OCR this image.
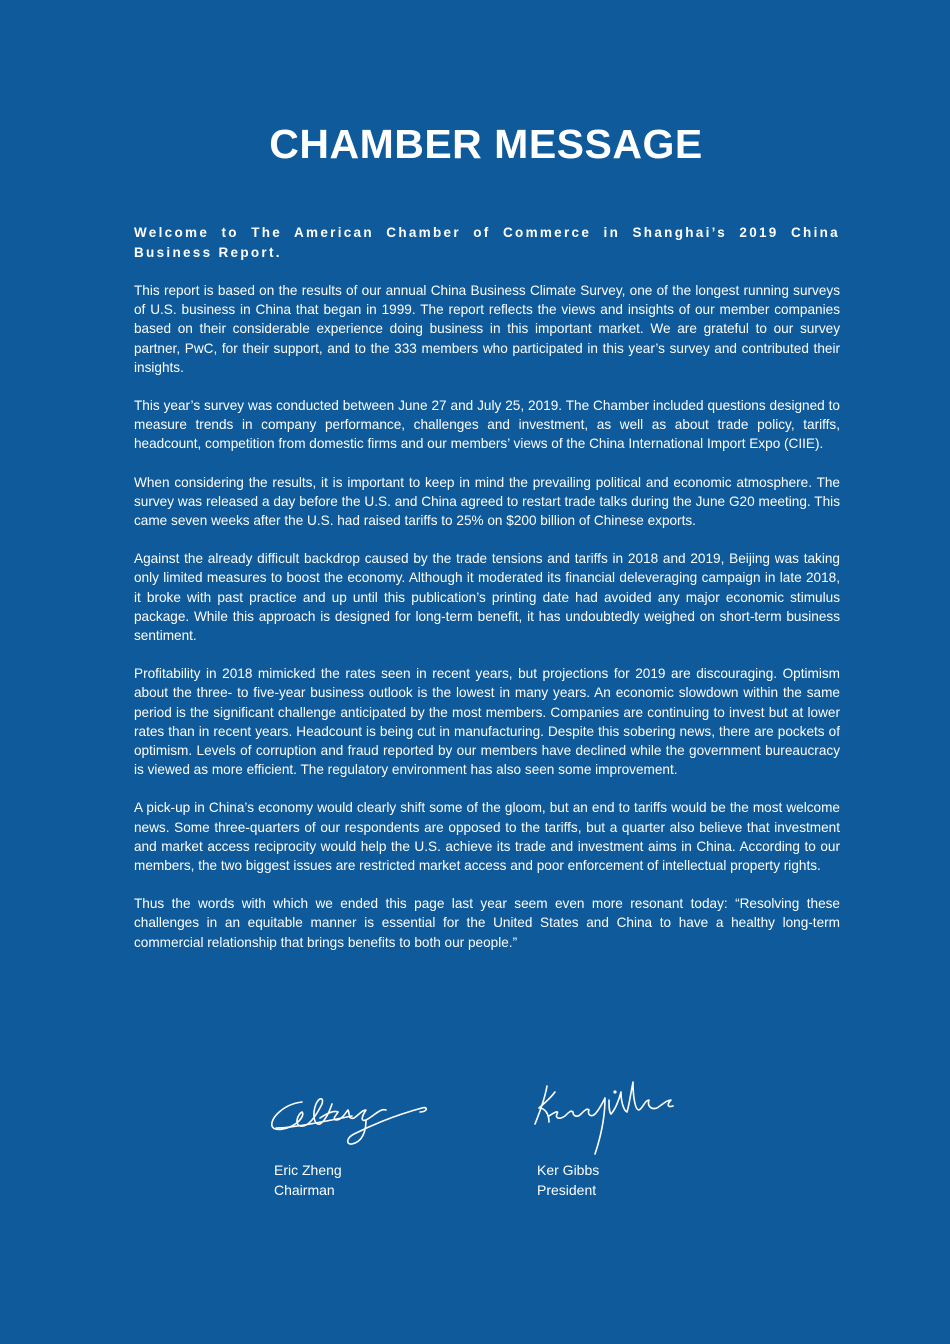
CHAMBER MESSAGE

Welcome to The American Chamber of Commerce in Shanghai’s 2019 China Business Report.

This report is based on the results of our annual China Business Climate Survey, one of the longest running surveys of U.S. business in China that began in 1999. The report reflects the views and insights of our member companies based on their considerable experience doing business in this important market. We are grateful to our survey partner, PwC, for their support, and to the 333 members who participated in this year’s survey and contributed their insights.

This year’s survey was conducted between June 27 and July 25, 2019. The Chamber included questions designed to measure trends in company performance, challenges and investment, as well as about trade policy, tariffs, headcount, competition from domestic firms and our members’ views of the China International Import Expo (CIIE).

When considering the results, it is important to keep in mind the prevailing political and economic atmosphere. The survey was released a day before the U.S. and China agreed to restart trade talks during the June G20 meeting. This came seven weeks after the U.S. had raised tariffs to 25% on $200 billion of Chinese exports.

Against the already difficult backdrop caused by the trade tensions and tariffs in 2018 and 2019, Beijing was taking only limited measures to boost the economy. Although it moderated its financial deleveraging campaign in late 2018, it broke with past practice and up until this publication’s printing date had avoided any major economic stimulus package. While this approach is designed for long-term benefit, it has undoubtedly weighed on short-term business sentiment.

Profitability in 2018 mimicked the rates seen in recent years, but projections for 2019 are discouraging. Optimism about the three- to five-year business outlook is the lowest in many years. An economic slowdown within the same period is the significant challenge anticipated by the most members. Companies are continuing to invest but at lower rates than in recent years. Headcount is being cut in manufacturing. Despite this sobering news, there are pockets of optimism. Levels of corruption and fraud reported by our members have declined while the government bureaucracy is viewed as more efficient. The regulatory environment has also seen some improvement.

A pick-up in China’s economy would clearly shift some of the gloom, but an end to tariffs would be the most welcome news. Some three-quarters of our respondents are opposed to the tariffs, but a quarter also believe that investment and market access reciprocity would help the U.S. achieve its trade and investment aims in China. According to our members, the two biggest issues are restricted market access and poor enforcement of intellectual property rights.

Thus the words with which we ended this page last year seem even more resonant today: “Resolving these challenges in an equitable manner is essential for the United States and China to have a healthy long-term commercial relationship that brings benefits to both our people.”

Eric Zheng
Chairman
Ker Gibbs
President
